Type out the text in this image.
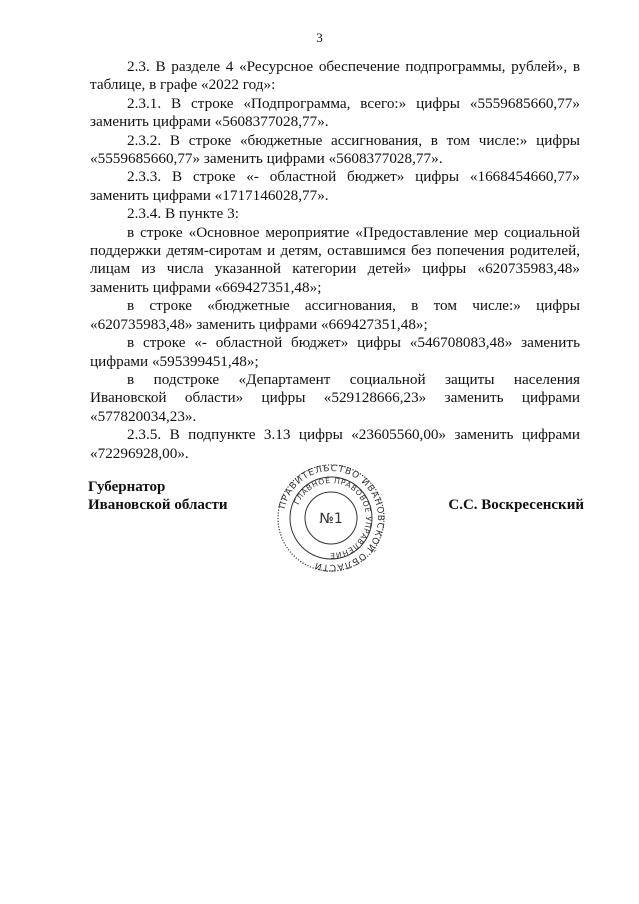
3

2.3. В разделе 4 «Ресурсное обеспечение подпрограммы, рублей», в таблице, в графе «2022 год»:

2.3.1. В строке «Подпрограмма, всего:» цифры «5559685660,77» заменить цифрами «5608377028,77».

2.3.2. В строке «бюджетные ассигнования, в том числе:» цифры «5559685660,77» заменить цифрами «5608377028,77».

2.3.3. В строке «- областной бюджет» цифры «1668454660,77» заменить цифрами «1717146028,77».

2.3.4. В пункте 3:

в строке «Основное мероприятие «Предоставление мер социальной поддержки детям-сиротам и детям, оставшимся без попечения родителей, лицам из числа указанной категории детей» цифры «620735983,48» заменить цифрами «669427351,48»;

в строке «бюджетные ассигнования, в том числе:» цифры «620735983,48» заменить цифрами «669427351,48»;

в строке «- областной бюджет» цифры «546708083,48» заменить цифрами «595399451,48»;

в подстроке «Департамент социальной защиты населения Ивановской области» цифры «529128666,23» заменить цифрами «577820034,23».

2.3.5. В подпункте 3.13 цифры «23605560,00» заменить цифрами «72296928,00».

Губернатор
Ивановской области	ПРАВИТЕЛЬСТВО ИВАНОВСКОЙ ОБЛАСТИ
ГЛАВНОЕ ПРАВОВОЕ УПРАВЛЕНИЕ
№1
С.С. Воскресенский
